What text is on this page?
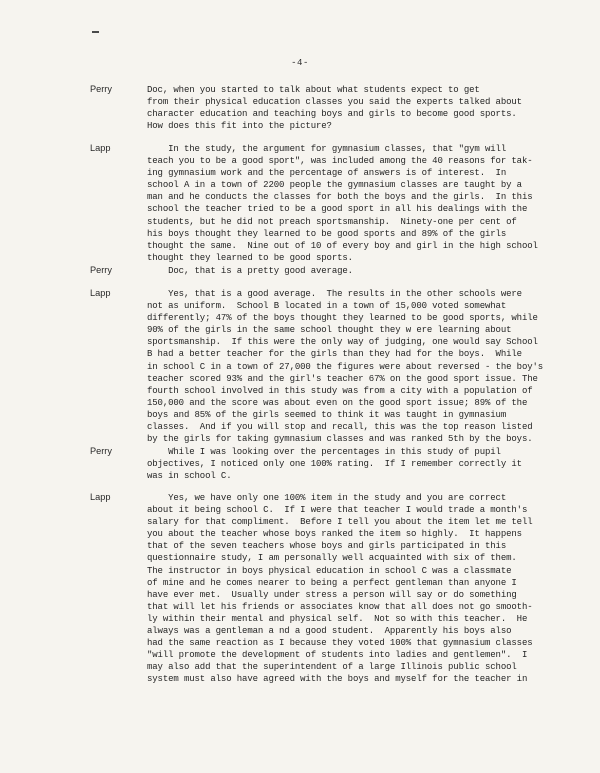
-4-
Perry	Doc, when you started to talk about what students expect to get
from their physical education classes you said the experts talked about
character education and teaching boys and girls to become good sports.
How does this fit into the picture?
Lapp	In the study, the argument for gymnasium classes, that "gym will
teach you to be a good sport", was included among the 40 reasons for tak-
ing gymnasium work and the percentage of answers is of interest.  In
school A in a town of 2200 people the gymnasium classes are taught by a
man and he conducts the classes for both the boys and the girls.  In this
school the teacher tried to be a good sport in all his dealings with the
students, but he did not preach sportsmanship.  Ninety-one per cent of
his boys thought they learned to be good sports and 89% of the girls
thought the same.  Nine out of 10 of every boy and girl in the high school
thought they learned to be good sports.
Perry	Doc, that is a pretty good average.
Lapp	Yes, that is a good average.  The results in the other schools were
not as uniform.  School B located in a town of 15,000 voted somewhat
differently; 47% of the boys thought they learned to be good sports, while
90% of the girls in the same school thought they w ere learning about
sportsmanship.  If this were the only way of judging, one would say School
B had a better teacher for the girls than they had for the boys.  While
in school C in a town of 27,000 the figures were about reversed - the boy's
teacher scored 93% and the girl's teacher 67% on the good sport issue. The
fourth school involved in this study was from a city with a population of
150,000 and the score was about even on the good sport issue; 89% of the
boys and 85% of the girls seemed to think it was taught in gymnasium
classes.  And if you will stop and recall, this was the top reason listed
by the girls for taking gymnasium classes and was ranked 5th by the boys.
Perry	While I was looking over the percentages in this study of pupil
objectives, I noticed only one 100% rating.  If I remember correctly it
was in school C.
Lapp	Yes, we have only one 100% item in the study and you are correct
about it being school C.  If I were that teacher I would trade a month's
salary for that compliment.  Before I tell you about the item let me tell
you about the teacher whose boys ranked the item so highly.  It happens
that of the seven teachers whose boys and girls participated in this
questionnaire study, I am personally well acquainted with six of them.
The instructor in boys physical education in school C was a classmate
of mine and he comes nearer to being a perfect gentleman than anyone I
have ever met.  Usually under stress a person will say or do something
that will let his friends or associates know that all does not go smooth-
ly within their mental and physical self.  Not so with this teacher.  He
always was a gentleman a nd a good student.  Apparently his boys also
had the same reaction as I because they voted 100% that gymnasium classes
"will promote the development of students into ladies and gentlemen".  I
may also add that the superintendent of a large Illinois public school
system must also have agreed with the boys and myself for the teacher in
